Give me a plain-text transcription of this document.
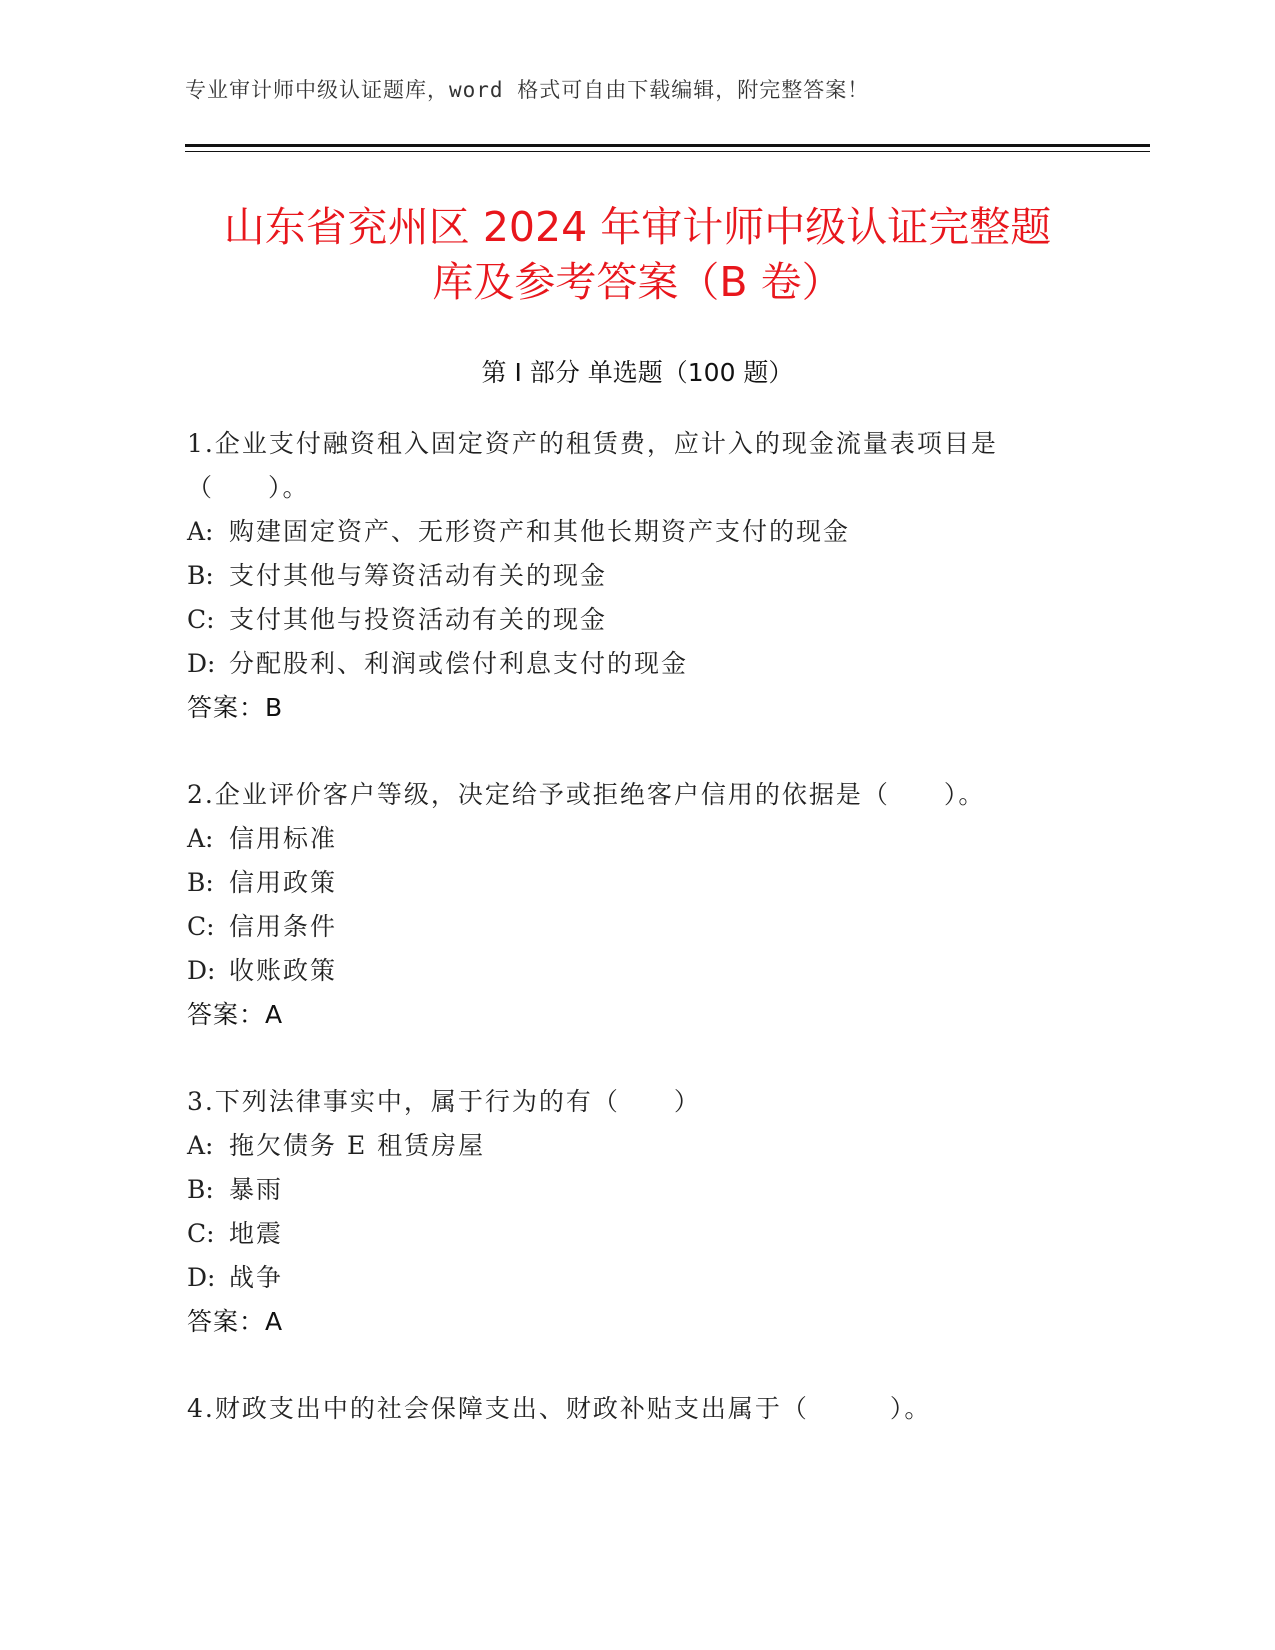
专业审计师中级认证题库，word 格式可自由下载编辑，附完整答案！
山东省兖州区 2024 年审计师中级认证完整题
库及参考答案（B 卷）
第 I 部分 单选题（100 题）
1.企业支付融资租入固定资产的租赁费，应计入的现金流量表项目是
（　　）。
A: 购建固定资产、无形资产和其他长期资产支付的现金
B: 支付其他与筹资活动有关的现金
C: 支付其他与投资活动有关的现金
D: 分配股利、利润或偿付利息支付的现金
答案：B
2.企业评价客户等级，决定给予或拒绝客户信用的依据是（　　）。
A: 信用标准
B: 信用政策
C: 信用条件
D: 收账政策
答案：A
3.下列法律事实中，属于行为的有（　　）
A: 拖欠债务 E 租赁房屋
B: 暴雨
C: 地震
D: 战争
答案：A
4.财政支出中的社会保障支出、财政补贴支出属于（　　　）。
